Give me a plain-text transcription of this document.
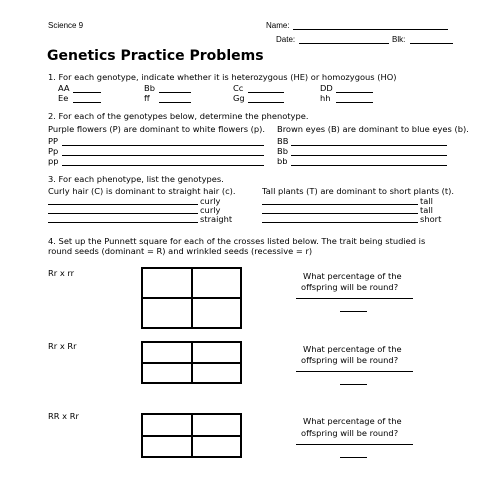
Science 9	Name:
Date:	Blk:
Genetics Practice Problems
1. For each genotype, indicate whether it is heterozygous (HE) or homozygous (HO)
AA	Bb	Cc	DD
Ee	ff	Gg	hh
2. For each of the genotypes below, determine the phenotype.
Purple flowers (P) are dominant to white flowers (p). Brown eyes (B) are dominant to blue eyes (b).
PP
Pp
pp
BB
Bb
bb
3. For each phenotype, list the genotypes.
Curly hair (C) is dominant to straight hair (c).	Tall plants (T) are dominant to short plants (t).
curly
curly
straight
tall
tall
short
4. Set up the Punnett square for each of the crosses listed below. The trait being studied is
round seeds (dominant = R) and wrinkled seeds (recessive = r)
Rr x rr	What percentage of the
offspring will be round?
Rr x Rr	What percentage of the
offspring will be round?
RR x Rr	What percentage of the
offspring will be round?
